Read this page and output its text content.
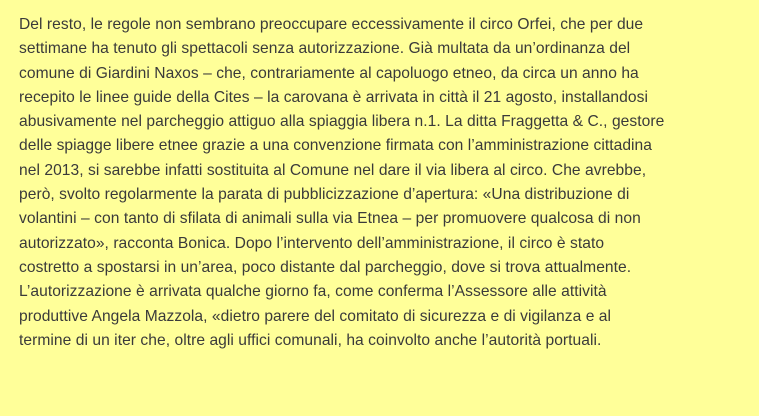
Del resto, le regole non sembrano preoccupare eccessivamente il circo Orfei, che per due
settimane ha tenuto gli spettacoli senza autorizzazione. Già multata da un’ordinanza del
comune di Giardini Naxos – che, contrariamente al capoluogo etneo, da circa un anno ha
recepito le linee guide della Cites – la carovana è arrivata in città il 21 agosto, installandosi
abusivamente nel parcheggio attiguo alla spiaggia libera n.1. La ditta Fraggetta & C., gestore
delle spiagge libere etnee grazie a una convenzione firmata con l’amministrazione cittadina
nel 2013, si sarebbe infatti sostituita al Comune nel dare il via libera al circo. Che avrebbe,
però, svolto regolarmente la parata di pubblicizzazione d’apertura: «Una distribuzione di
volantini – con tanto di sfilata di animali sulla via Etnea – per promuovere qualcosa di non
autorizzato», racconta Bonica. Dopo l’intervento dell’amministrazione, il circo è stato
costretto a spostarsi in un’area, poco distante dal parcheggio, dove si trova attualmente.
L’autorizzazione è arrivata qualche giorno fa, come conferma l’Assessore alle attività
produttive Angela Mazzola, «dietro parere del comitato di sicurezza e di vigilanza e al
termine di un iter che, oltre agli uffici comunali, ha coinvolto anche l’autorità portuali.
